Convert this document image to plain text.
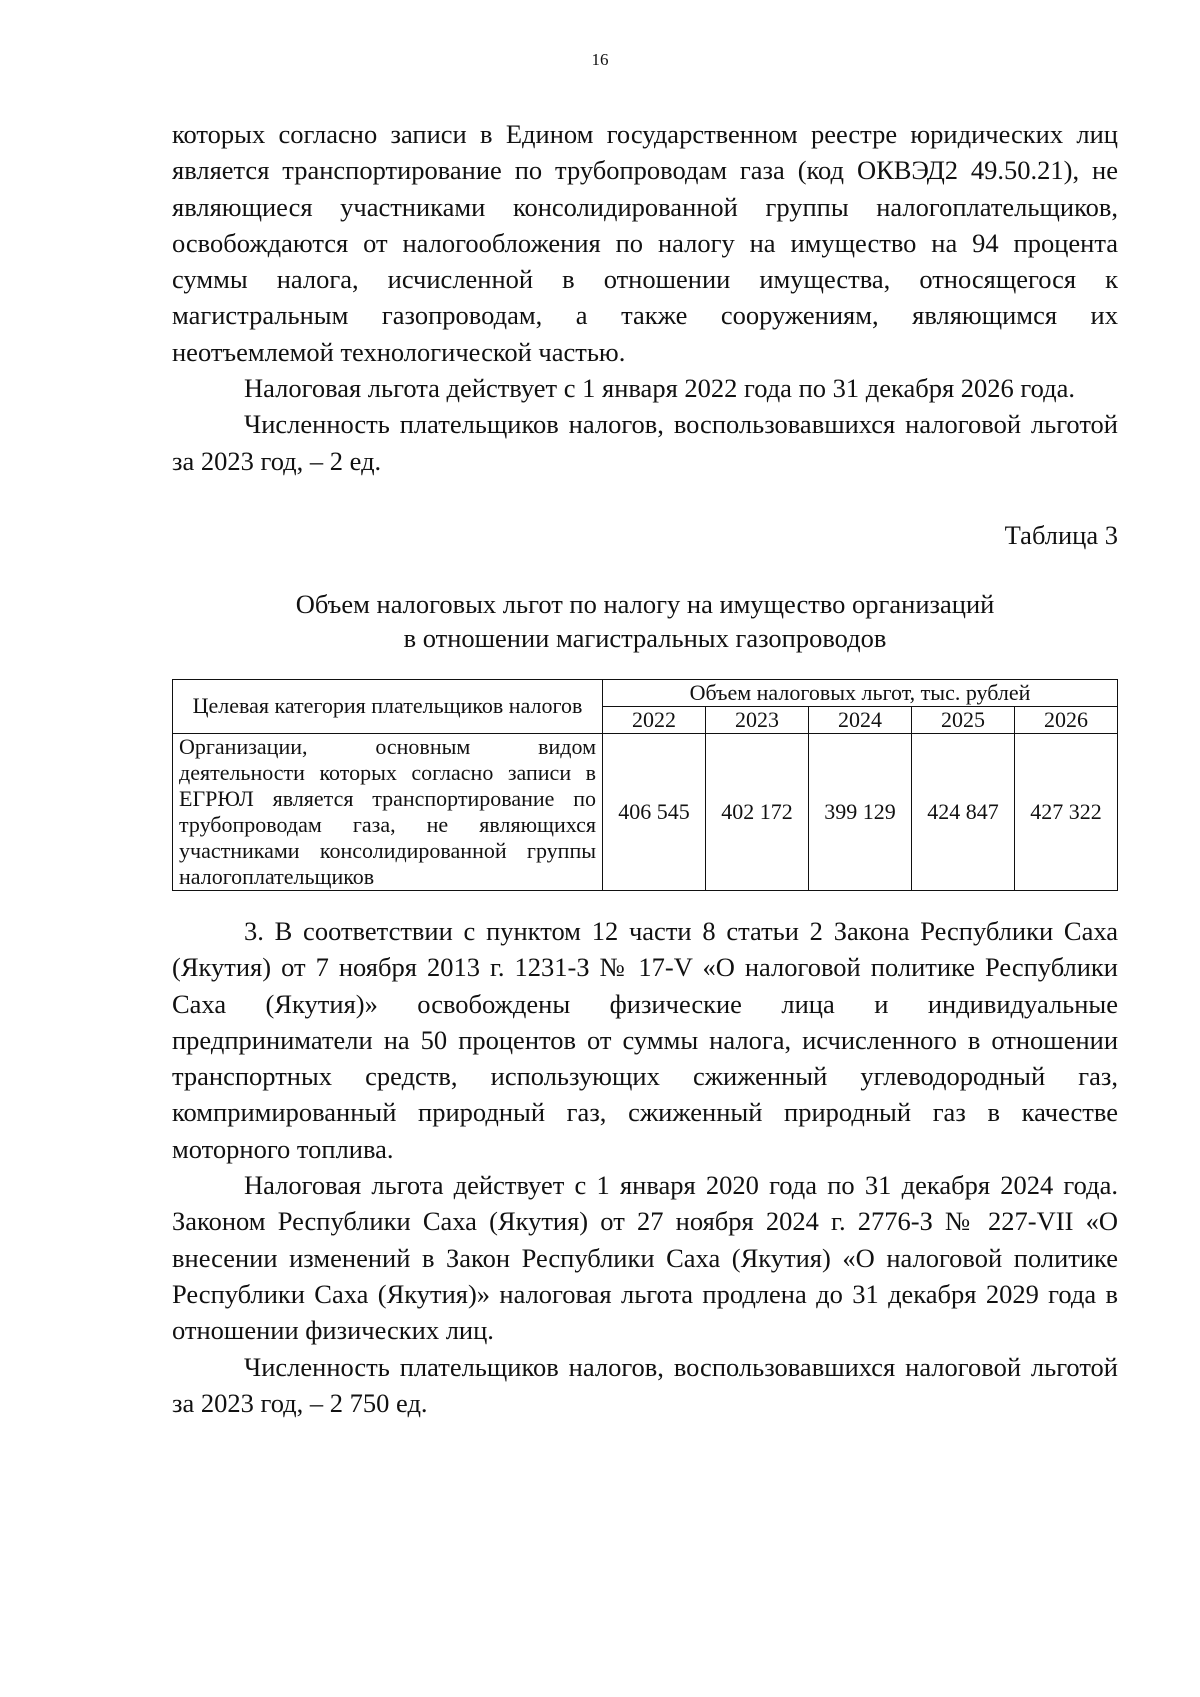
16

которых согласно записи в Едином государственном реестре юридических лиц является транспортирование по трубопроводам газа (код ОКВЭД2 49.50.21), не являющиеся участниками консолидированной группы налогоплательщиков, освобождаются от налогообложения по налогу на имущество на 94 процента суммы налога, исчисленной в отношении имущества, относящегося к магистральным газопроводам, а также сооружениям, являющимся их неотъемлемой технологической частью.

Налоговая льгота действует с 1 января 2022 года по 31 декабря 2026 года.

Численность плательщиков налогов, воспользовавшихся налоговой льготой за 2023 год, – 2 ед.

Таблица 3

Объем налоговых льгот по налогу на имущество организаций
в отношении магистральных газопроводов

Целевая категория плательщиков налогов	Объем налоговых льгот, тыс. рублей				
	2022	2023	2024	2025	2026
Организации, основным видом деятельности которых согласно записи в ЕГРЮЛ является транспортирование по трубопроводам газа, не являющихся участниками консолидированной группы налогоплательщиков	406 545	402 172	399 129	424 847	427 322

3. В соответствии с пунктом 12 части 8 статьи 2 Закона Республики Саха (Якутия) от 7 ноября 2013 г. 1231-З № 17-V «О налоговой политике Республики Саха (Якутия)» освобождены физические лица и индивидуальные предприниматели на 50 процентов от суммы налога, исчисленного в отношении транспортных средств, использующих сжиженный углеводородный газ, компримированный природный газ, сжиженный природный газ в качестве моторного топлива.

Налоговая льгота действует с 1 января 2020 года по 31 декабря 2024 года. Законом Республики Саха (Якутия) от 27 ноября 2024 г. 2776-З № 227-VII «О внесении изменений в Закон Республики Саха (Якутия) «О налоговой политике Республики Саха (Якутия)» налоговая льгота продлена до 31 декабря 2029 года в отношении физических лиц.

Численность плательщиков налогов, воспользовавшихся налоговой льготой за 2023 год, – 2 750 ед.
